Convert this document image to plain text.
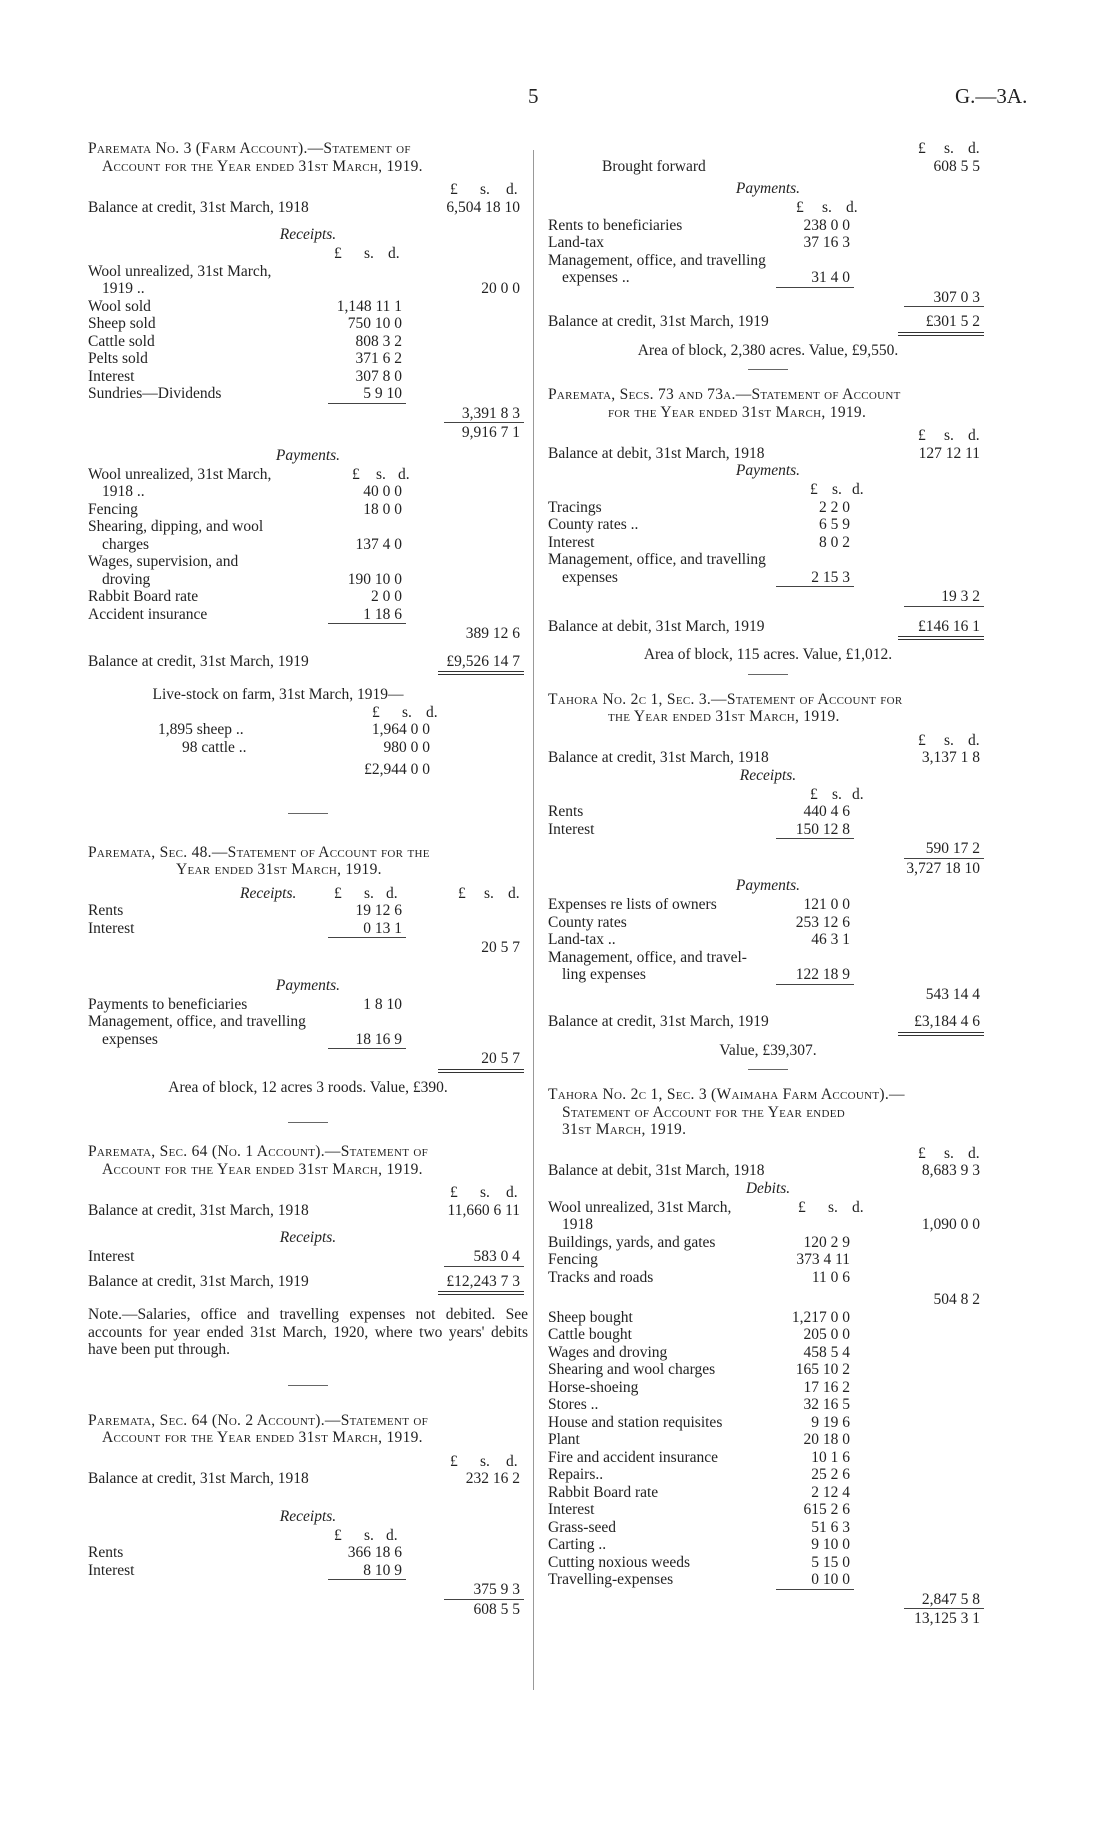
5	G.—3A.
Paremata No. 3 (Farm Account).—Statement of
Account for the Year ended 31st March, 1919.
£ s. d.
Balance at credit, 31st March, 1918	6,504 18 10
Receipts.
£ s. d.
Wool unrealized, 31st March,
1919 ..	20 0 0
Wool sold	1,148 11 1
Sheep sold	750 10 0
Cattle sold	808 3 2
Pelts sold	371 6 2
Interest	307 8 0
Sundries—Dividends	5 9 10
3,391 8 3
9,916 7 1
Payments.
Wool unrealized, 31st March,	£ s. d.
1918 ..	40 0 0
Fencing	18 0 0
Shearing, dipping, and wool
charges	137 4 0
Wages, supervision, and
droving	190 10 0
Rabbit Board rate	2 0 0
Accident insurance	1 18 6
389 12 6
Balance at credit, 31st March, 1919	£9,526 14 7
Live-stock on farm, 31st March, 1919—
£ s. d.
1,895 sheep ..	1,964 0 0
98 cattle ..	980 0 0
£2,944 0 0
Paremata, Sec. 48.—Statement of Account for the
Year ended 31st March, 1919.
Receipts. £ s. d.	£ s. d.
Rents	19 12 6
Interest	0 13 1
20 5 7
Payments.
Payments to beneficiaries	1 8 10
Management, office, and travelling
expenses	18 16 9
20 5 7
Area of block, 12 acres 3 roods. Value, £390.
Paremata, Sec. 64 (No. 1 Account).—Statement of
Account for the Year ended 31st March, 1919.
£ s. d.
Balance at credit, 31st March, 1918	11,660 6 11
Receipts.
Interest	583 0 4
Balance at credit, 31st March, 1919	£12,243 7 3
Note.—Salaries, office and travelling expenses not debited. See accounts for year ended 31st March, 1920, where two years' debits have been put through.
Paremata, Sec. 64 (No. 2 Account).—Statement of
Account for the Year ended 31st March, 1919.
£ s. d.
Balance at credit, 31st March, 1918	232 16 2
Receipts.
£ s. d.
Rents	366 18 6
Interest	8 10 9
375 9 3
608 5 5
£ s. d.
Brought forward	608 5 5
Payments.
£ s. d.
Rents to beneficiaries	238 0 0
Land-tax	37 16 3
Management, office, and travelling
expenses ..	31 4 0
307 0 3
Balance at credit, 31st March, 1919	£301 5 2
Area of block, 2,380 acres. Value, £9,550.
Paremata, Secs. 73 and 73a.—Statement of Account
for the Year ended 31st March, 1919.
£ s. d.
Balance at debit, 31st March, 1918	127 12 11
Payments.
£ s. d.
Tracings	2 2 0
County rates ..	6 5 9
Interest	8 0 2
Management, office, and travelling
expenses	2 15 3
19 3 2
Balance at debit, 31st March, 1919	£146 16 1
Area of block, 115 acres. Value, £1,012.
Tahora No. 2c 1, Sec. 3.—Statement of Account for
the Year ended 31st March, 1919.
£ s. d.
Balance at credit, 31st March, 1918	3,137 1 8
Receipts.
£ s. d.
Rents	440 4 6
Interest	150 12 8
590 17 2
3,727 18 10
Payments.
Expenses re lists of owners	121 0 0
County rates	253 12 6
Land-tax ..	46 3 1
Management, office, and travel-
ling expenses	122 18 9
543 14 4
Balance at credit, 31st March, 1919	£3,184 4 6
Value, £39,307.
Tahora No. 2c 1, Sec. 3 (Waimaha Farm Account).—
Statement of Account for the Year ended
31st March, 1919.
£ s. d.
Balance at debit, 31st March, 1918	8,683 9 3
Debits.
Wool unrealized, 31st March,	£ s. d.
1918	1,090 0 0
Buildings, yards, and gates	120 2 9
Fencing	373 4 11
Tracks and roads	11 0 6
504 8 2
Sheep bought	1,217 0 0
Cattle bought	205 0 0
Wages and droving	458 5 4
Shearing and wool charges	165 10 2
Horse-shoeing	17 16 2
Stores ..	32 16 5
House and station requisites	9 19 6
Plant	20 18 0
Fire and accident insurance	10 1 6
Repairs..	25 2 6
Rabbit Board rate	2 12 4
Interest	615 2 6
Grass-seed	51 6 3
Carting ..	9 10 0
Cutting noxious weeds	5 15 0
Travelling-expenses	0 10 0
2,847 5 8
13,125 3 1
